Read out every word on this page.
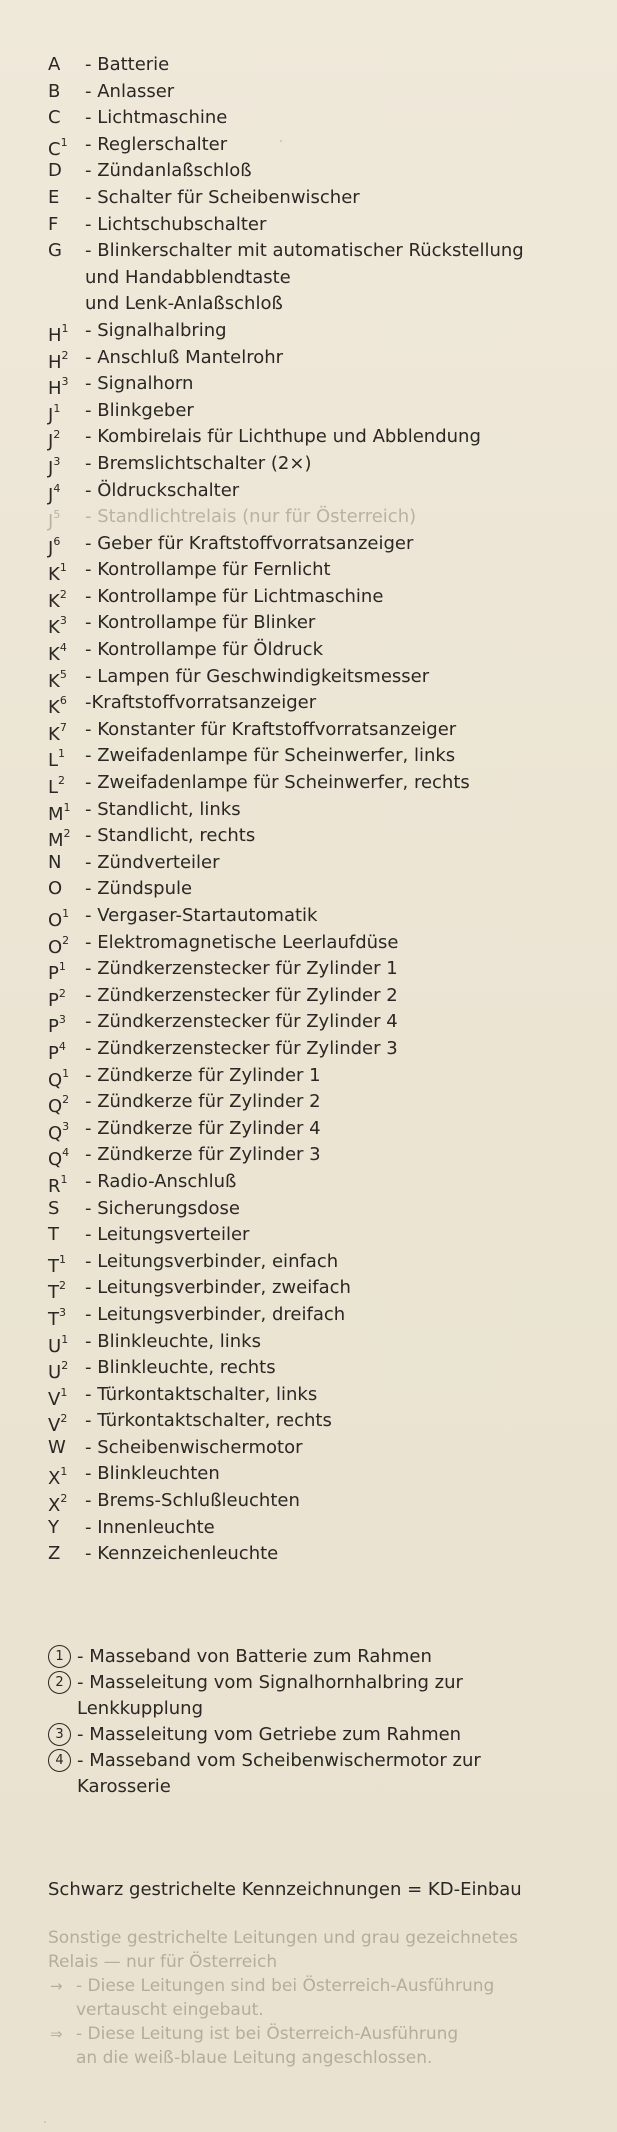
A	- Batterie
B	- Anlasser
C	- Lichtmaschine
$C^1$ - Reglerschalter
D	- Zündanlaßschloß
E	- Schalter für Scheibenwischer
F	- Lichtschubschalter
G	- Blinkerschalter mit automatischer Rückstellung
und Handabblendtaste
und Lenk-Anlaßschloß
$H^1$ - Signalhalbring
$H^2$ - Anschluß Mantelrohr
$H^3$ - Signalhorn
$J^1$	- Blinkgeber
$J^2$	- Kombirelais für Lichthupe und Abblendung
$J^3$	- Bremslichtschalter (2×)
$J^4$	- Öldruckschalter
$J^5$	- Standlichtrelais (nur für Österreich)
$J^6$	- Geber für Kraftstoffvorratsanzeiger
$K^1$	- Kontrollampe für Fernlicht
$K^2$	- Kontrollampe für Lichtmaschine
$K^3$	- Kontrollampe für Blinker
$K^4$	- Kontrollampe für Öldruck
$K^5$	- Lampen für Geschwindigkeitsmesser
$K^6$	-Kraftstoffvorratsanzeiger
$K^7$	- Konstanter für Kraftstoffvorratsanzeiger
$L^1$	- Zweifadenlampe für Scheinwerfer, links
$L^2$	- Zweifadenlampe für Scheinwerfer, rechts
$M^1$ - Standlicht, links
$M^2$ - Standlicht, rechts
N	- Zündverteiler
O	- Zündspule
$O^1$ - Vergaser-Startautomatik
$O^2$ - Elektromagnetische Leerlaufdüse
$P^1$	- Zündkerzenstecker für Zylinder 1
$P^2$	- Zündkerzenstecker für Zylinder 2
$P^3$	- Zündkerzenstecker für Zylinder 4
$P^4$	- Zündkerzenstecker für Zylinder 3
$Q^1$ - Zündkerze für Zylinder 1
$Q^2$ - Zündkerze für Zylinder 2
$Q^3$ - Zündkerze für Zylinder 4
$Q^4$ - Zündkerze für Zylinder 3
$R^1$ - Radio-Anschluß
S	- Sicherungsdose
T	- Leitungsverteiler
$T^1$	- Leitungsverbinder, einfach
$T^2$	- Leitungsverbinder, zweifach
$T^3$	- Leitungsverbinder, dreifach
$U^1$ - Blinkleuchte, links
$U^2$ - Blinkleuchte, rechts
$V^1$ - Türkontaktschalter, links
$V^2$ - Türkontaktschalter, rechts
W	- Scheibenwischermotor
$X^1$ - Blinkleuchten
$X^2$ - Brems-Schlußleuchten
Y	- Innenleuchte
Z	- Kennzeichenleuchte
1 - Masseband von Batterie zum Rahmen
2 - Masseleitung vom Signalhornhalbring zur
Lenkkupplung
3 - Masseleitung vom Getriebe zum Rahmen
4 - Masseband vom Scheibenwischermotor zur
Karosserie
Schwarz gestrichelte Kennzeichnungen = KD-Einbau
Sonstige gestrichelte Leitungen und grau gezeichnetes
Relais — nur für Österreich
→ - Diese Leitungen sind bei Österreich-Ausführung
vertauscht eingebaut.
⇒ - Diese Leitung ist bei Österreich-Ausführung
an die weiß-blaue Leitung angeschlossen.
